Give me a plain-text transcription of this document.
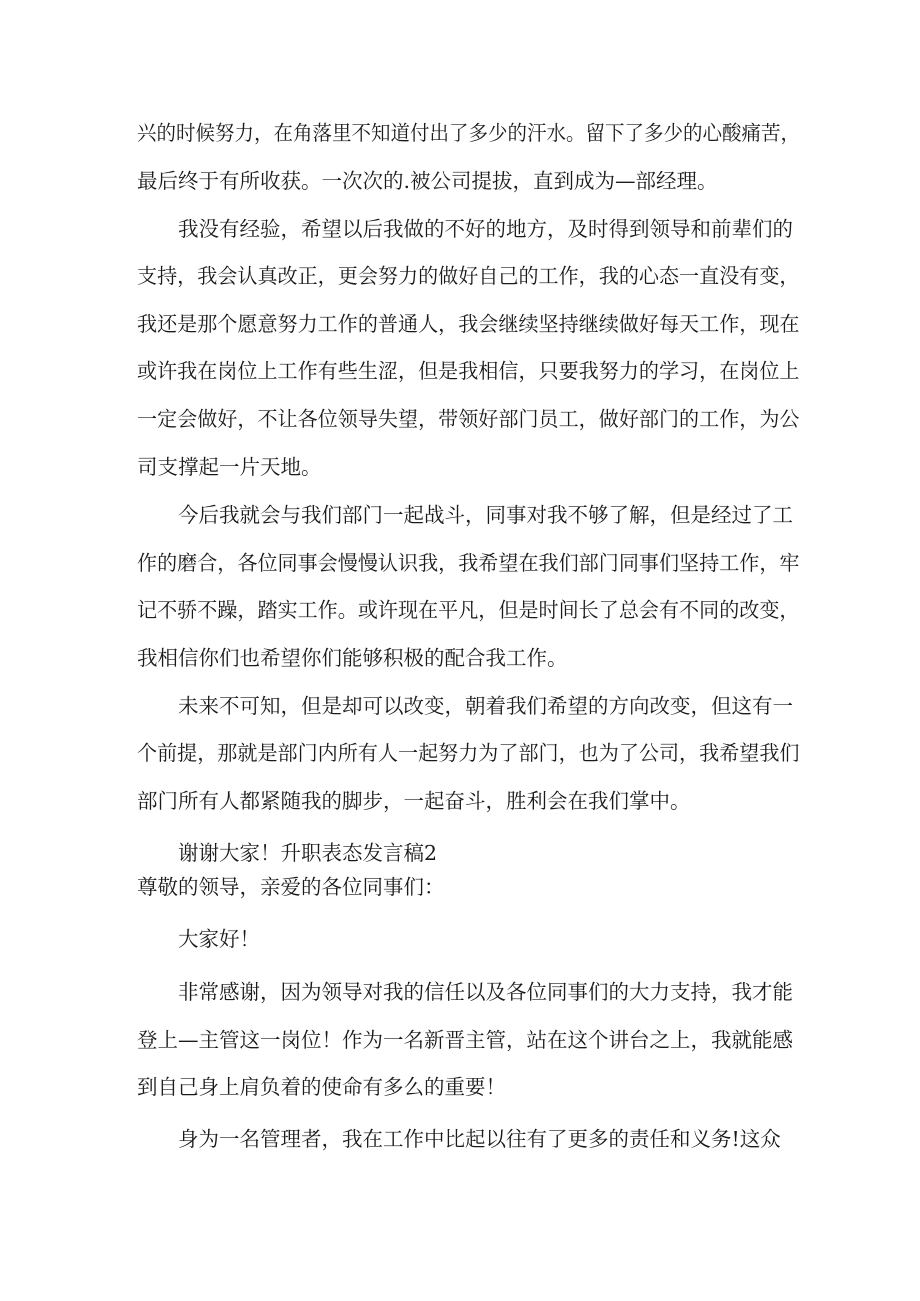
兴的时候努力，在角落里不知道付出了多少的汗水。留下了多少的心酸痛苦，

最后终于有所收获。一次次的.被公司提拔，直到成为—部经理。

我没有经验，希望以后我做的不好的地方，及时得到领导和前辈们的

支持，我会认真改正，更会努力的做好自己的工作，我的心态一直没有变，

我还是那个愿意努力工作的普通人，我会继续坚持继续做好每天工作，现在

或许我在岗位上工作有些生涩，但是我相信，只要我努力的学习，在岗位上

一定会做好，不让各位领导失望，带领好部门员工，做好部门的工作，为公

司支撑起一片天地。

今后我就会与我们部门一起战斗，同事对我不够了解，但是经过了工

作的磨合，各位同事会慢慢认识我，我希望在我们部门同事们坚持工作，牢

记不骄不躁，踏实工作。或许现在平凡，但是时间长了总会有不同的改变，

我相信你们也希望你们能够积极的配合我工作。

未来不可知，但是却可以改变，朝着我们希望的方向改变，但这有一

个前提，那就是部门内所有人一起努力为了部门，也为了公司，我希望我们

部门所有人都紧随我的脚步，一起奋斗，胜利会在我们掌中。

谢谢大家！升职表态发言稿2

尊敬的领导，亲爱的各位同事们：

大家好！

非常感谢，因为领导对我的信任以及各位同事们的大力支持，我才能

登上—主管这一岗位！作为一名新晋主管，站在这个讲台之上，我就能感

到自己身上肩负着的使命有多么的重要！

身为一名管理者，我在工作中比起以往有了更多的责任和义务!这众
